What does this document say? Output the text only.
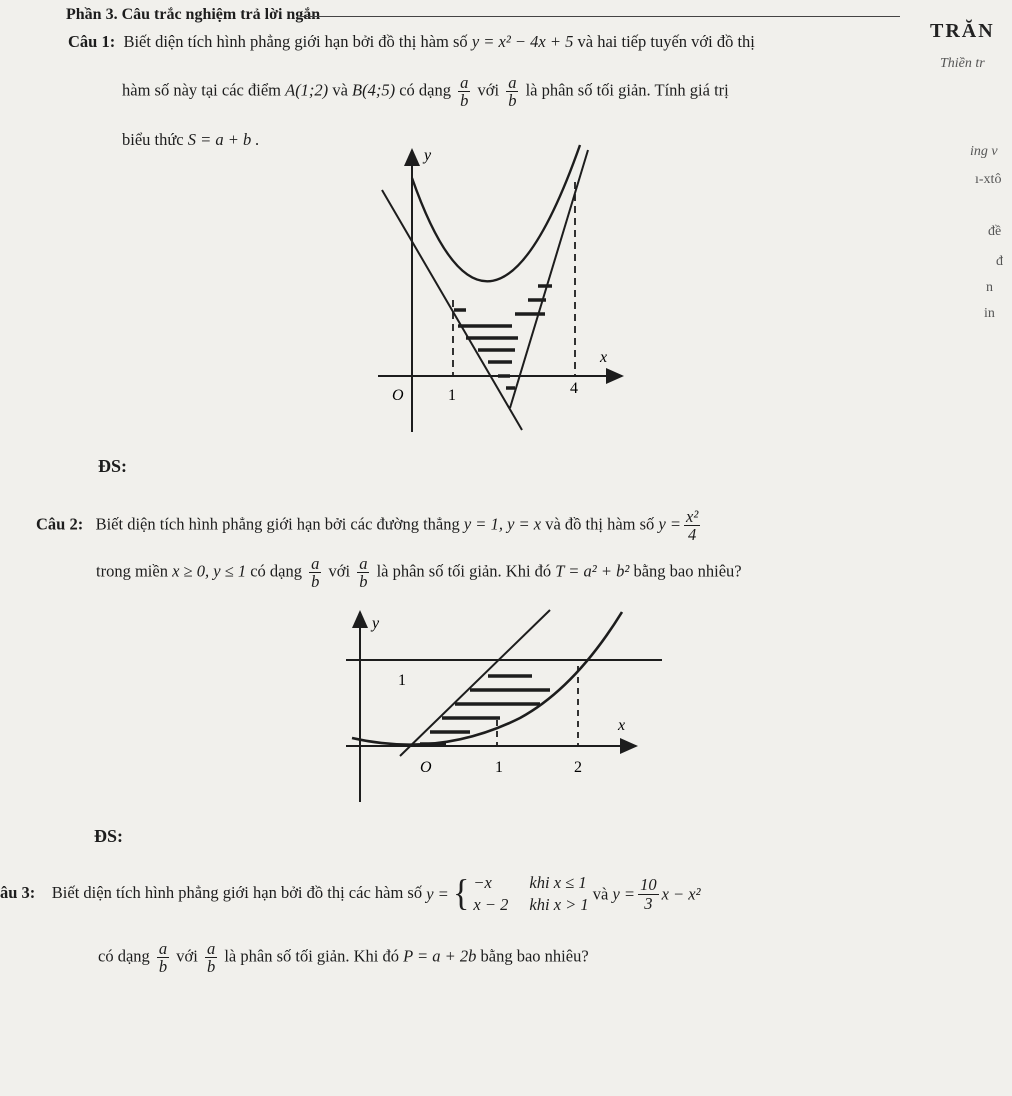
Phần 3. Câu trắc nghiệm trả lời ngắn
TRĂN
Thiền tr
ing v
ı-xtô
đề
đ
n
in
Câu 1: Biết diện tích hình phẳng giới hạn bởi đồ thị hàm số y = x² − 4x + 5 và hai tiếp tuyến với đồ thị
hàm số này tại các điểm A(1;2) và B(4;5) có dạng $\frac{a}{b}$ với $\frac{a}{b}$ là phân số tối giản. Tính giá trị
biểu thức S = a + b .
y
x
O	1	4
ĐS:
Câu 2: Biết diện tích hình phẳng giới hạn bởi các đường thẳng y = 1, y = x và đồ thị hàm số $y = \frac{\text{x²}}{4}$
trong miền x ≥ 0, y ≤ 1 có dạng $\frac{a}{b}$ với $\frac{a}{b}$ là phân số tối giản. Khi đó T = a² + b² bằng bao nhiêu?
y
x
1
O	1	2
ĐS:
âu 3: Biết diện tích hình phẳng giới hạn bởi đồ thị các hàm số y = { −x khi x ≤ 1
x − 2 khi x > 1
và $y = \frac{10}{3}$ x − x²
có dạng $\frac{a}{b}$ với $\frac{a}{b}$ là phân số tối giản. Khi đó P = a + 2b bằng bao nhiêu?
